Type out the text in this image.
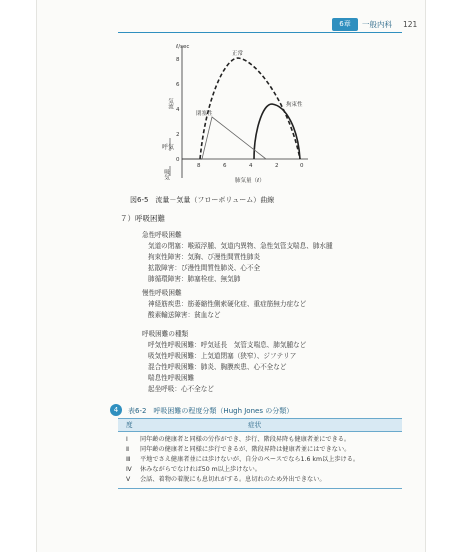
6章	一般内科 121
8
6
4
2
0
ℓ/sec
8	6	4	2	0
肺気量（ℓ）
気流
呼気
吸気
正常
拘束性
閉塞性
図6-5　流量－気量（フローボリューム）曲線
７）呼吸困難
急性呼吸困難
気道の閉塞：喉頭浮腫、気道内異物、急性気管支喘息、肺水腫
拘束性障害：気胸、び漫性間質性肺炎
拡散障害：び漫性間質性肺炎、心不全
肺循環障害：肺塞栓症、無気肺
慢性呼吸困難
神経筋疾患：筋萎縮性側索硬化症、重症筋無力症など
酸素輸送障害：貧血など
呼吸困難の種類
呼気性呼吸困難：呼気延長　気管支喘息、肺気腫など
吸気性呼吸困難：上気道閉塞（狭窄）、ジフテリア
混合性呼吸困難：肺炎、胸膜疾患、心不全など
喘息性呼吸困難
起坐呼吸：心不全など
4	表6-2　呼吸困難の程度分類（Hugh Jones の分類）
度	症状
Ⅰ	同年齢の健康者と同様の労作ができ、歩行、階段昇降も健康者並にできる。
Ⅱ	同年齢の健康者と同様に歩行できるが、階段昇降は健康者並にはできない。
Ⅲ	平地でさえ健康者並には歩けないが、自分のペースでなら1.6 km以上歩ける。
Ⅳ	休みながらでなければ50 m以上歩けない。
Ⅴ	会話、着物の着脱にも息切れがする。息切れのため外出できない。
